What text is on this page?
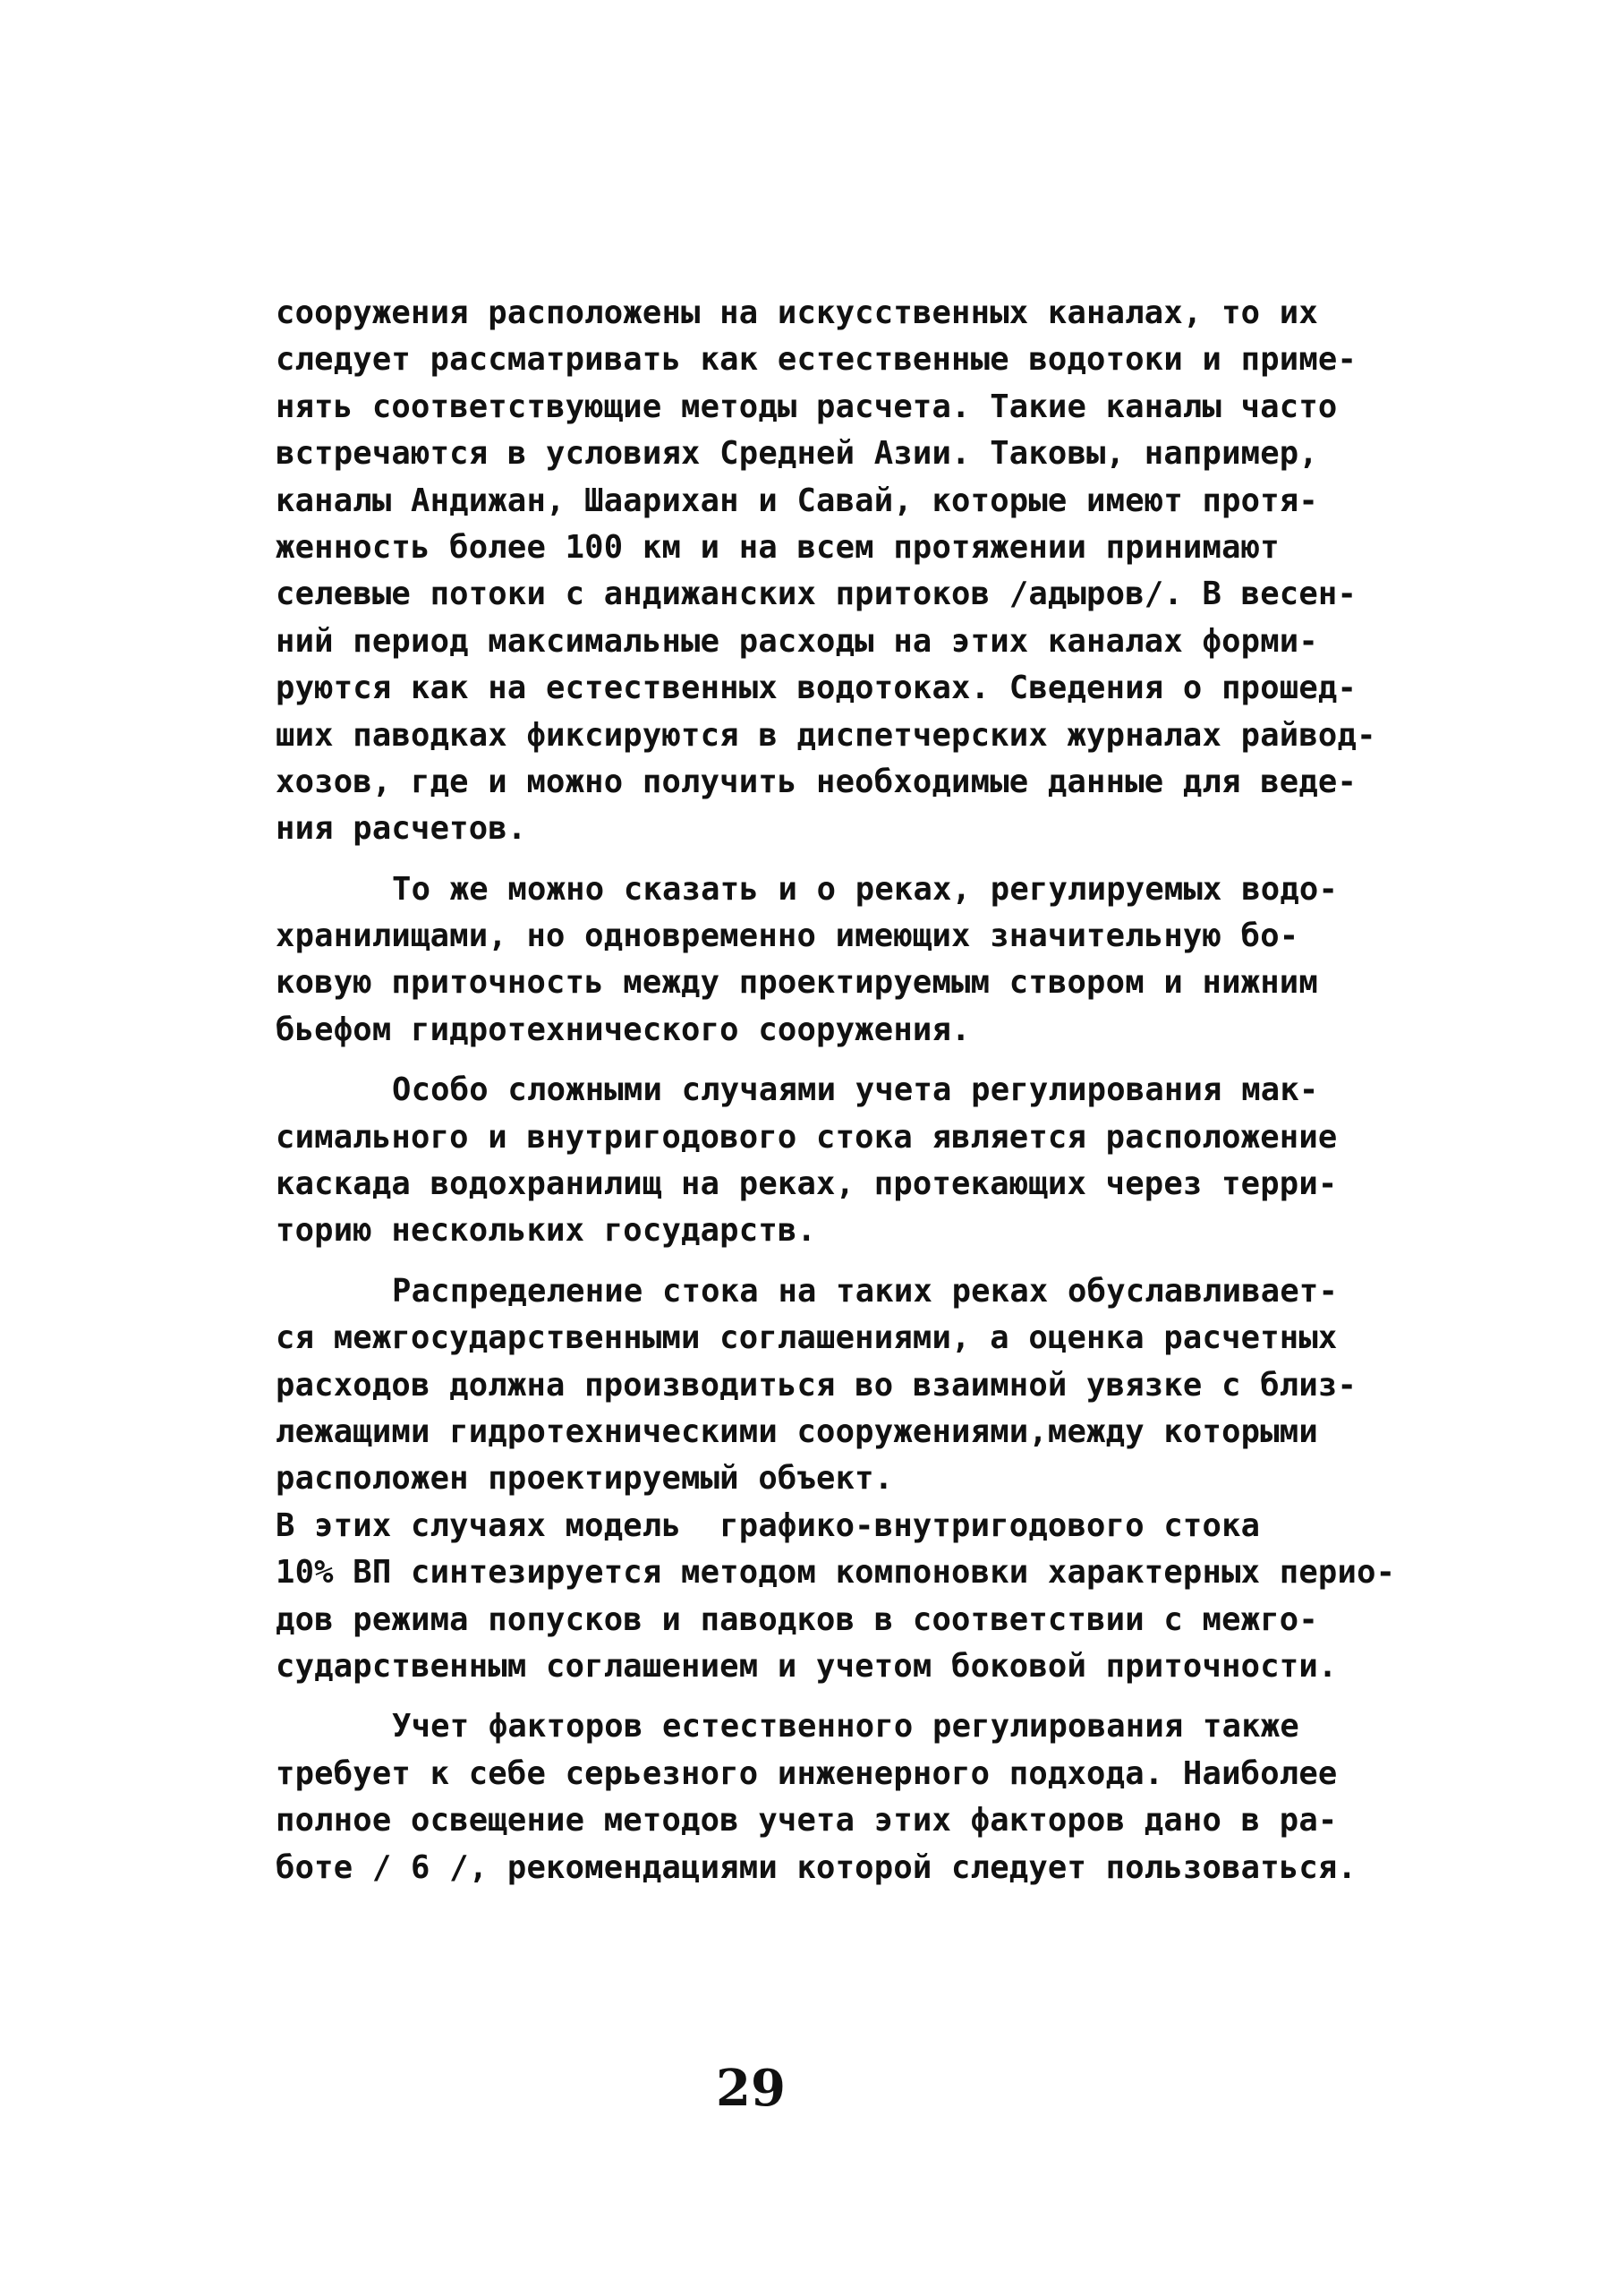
сооружения расположены на искусственных каналах, то их
следует рассматривать как естественные водотоки и приме-
нять соответствующие методы расчета. Такие каналы часто
встречаются в условиях Средней Азии. Таковы, например,
каналы Андижан, Шаарихан и Савай, которые имеют протя-
женность более 100 км и на всем протяжении принимают
селевые потоки с андижанских притоков /адыров/. В весен-
ний период максимальные расходы на этих каналах форми-
руются как на естественных водотоках. Сведения о прошед-
ших паводках фиксируются в диспетчерских журналах райвод-
хозов, где и можно получить необходимые данные для веде-
ния расчетов.
То же можно сказать и о реках, регулируемых водо-
хранилищами, но одновременно имеющих значительную бо-
ковую приточность между проектируемым створом и нижним
бьефом гидротехнического сооружения.
Особо сложными случаями учета регулирования мак-
симального и внутригодового стока является расположение
каскада водохранилищ на реках, протекающих через терри-
торию нескольких государств.
Распределение стока на таких реках обуславливает-
ся межгосударственными соглашениями, а оценка расчетных
расходов должна производиться во взаимной увязке с близ-
лежащими гидротехническими сооружениями,между которыми
расположен проектируемый объект.
В этих случаях модель  графико-внутригодового стока
10% ВП синтезируется методом компоновки характерных перио-
дов режима попусков и паводков в соответствии с межго-
сударственным соглашением и учетом боковой приточности.
Учет факторов естественного регулирования также
требует к себе серьезного инженерного подхода. Наиболее
полное освещение методов учета этих факторов дано в ра-
боте / 6 /, рекомендациями которой следует пользоваться.
29
